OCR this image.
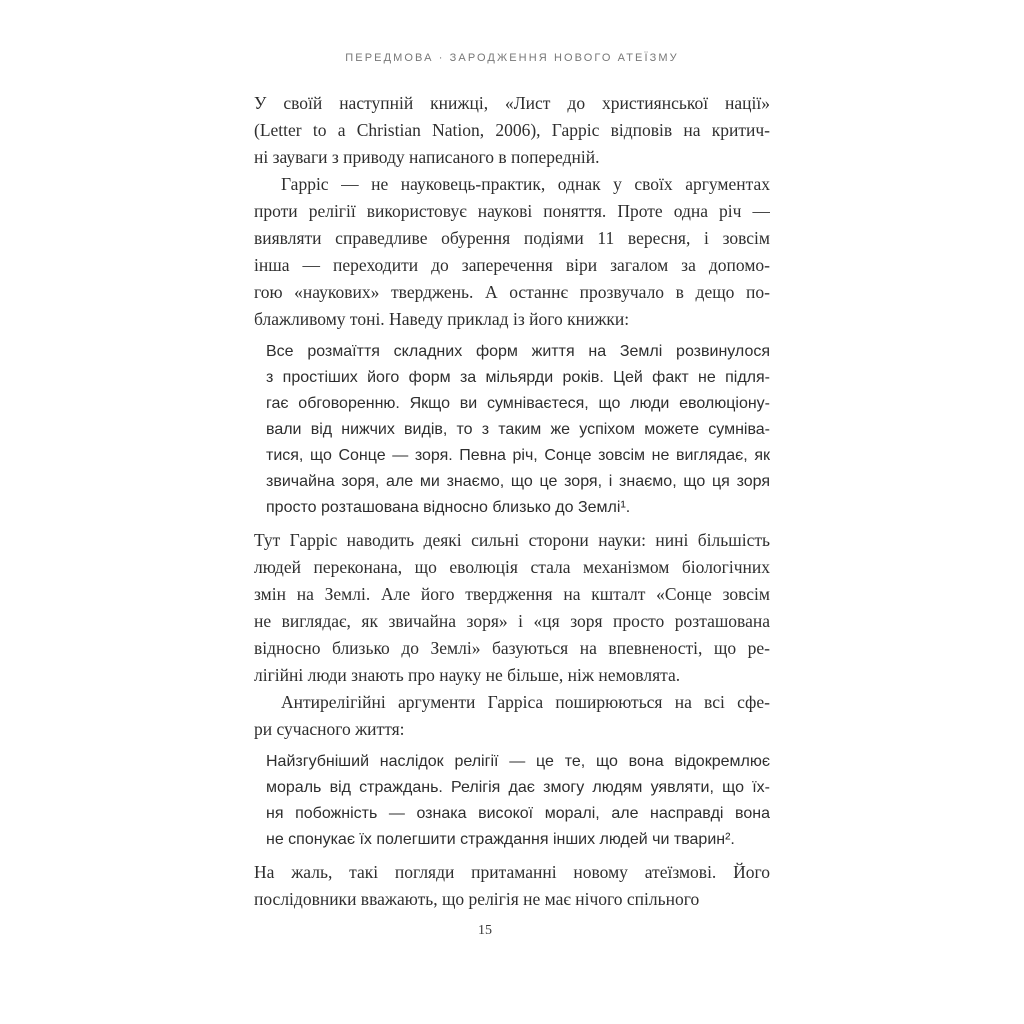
ПЕРЕДМОВА · ЗАРОДЖЕННЯ НОВОГО АТЕЇЗМУ
У своїй наступній книжці, «Лист до християнської нації»
(Letter to a Christian Nation, 2006), Гарріс відповів на критич-
ні зауваги з приводу написаного в попередній.
Гарріс — не науковець-практик, однак у своїх аргументах
проти релігії використовує наукові поняття. Проте одна річ —
виявляти справедливе обурення подіями 11 вересня, і зовсім
інша — переходити до заперечення віри загалом за допомо-
гою «наукових» тверджень. А останнє прозвучало в дещо по-
блажливому тоні. Наведу приклад із його книжки:
Все розмаїття складних форм життя на Землі розвинулося
з простіших його форм за мільярди років. Цей факт не підля-
гає обговоренню. Якщо ви сумніваєтеся, що люди еволюціону-
вали від нижчих видів, то з таким же успіхом можете сумніва-
тися, що Сонце — зоря. Певна річ, Сонце зовсім не виглядає, як
звичайна зоря, але ми знаємо, що це зоря, і знаємо, що ця зоря
просто розташована відносно близько до Землі¹.
Тут Гарріс наводить деякі сильні сторони науки: нині більшість
людей переконана, що еволюція стала механізмом біологічних
змін на Землі. Але його твердження на кшталт «Сонце зовсім
не виглядає, як звичайна зоря» і «ця зоря просто розташована
відносно близько до Землі» базуються на впевненості, що ре-
лігійні люди знають про науку не більше, ніж немовлята.
Антирелігійні аргументи Гарріса поширюються на всі сфе-
ри сучасного життя:
Найзгубніший наслідок релігії — це те, що вона відокремлює
мораль від страждань. Релігія дає змогу людям уявляти, що їх-
ня побожність — ознака високої моралі, але насправді вона
не спонукає їх полегшити страждання інших людей чи тварин².
На жаль, такі погляди притаманні новому атеїзмові. Його
послідовники вважають, що релігія не має нічого спільного
15
